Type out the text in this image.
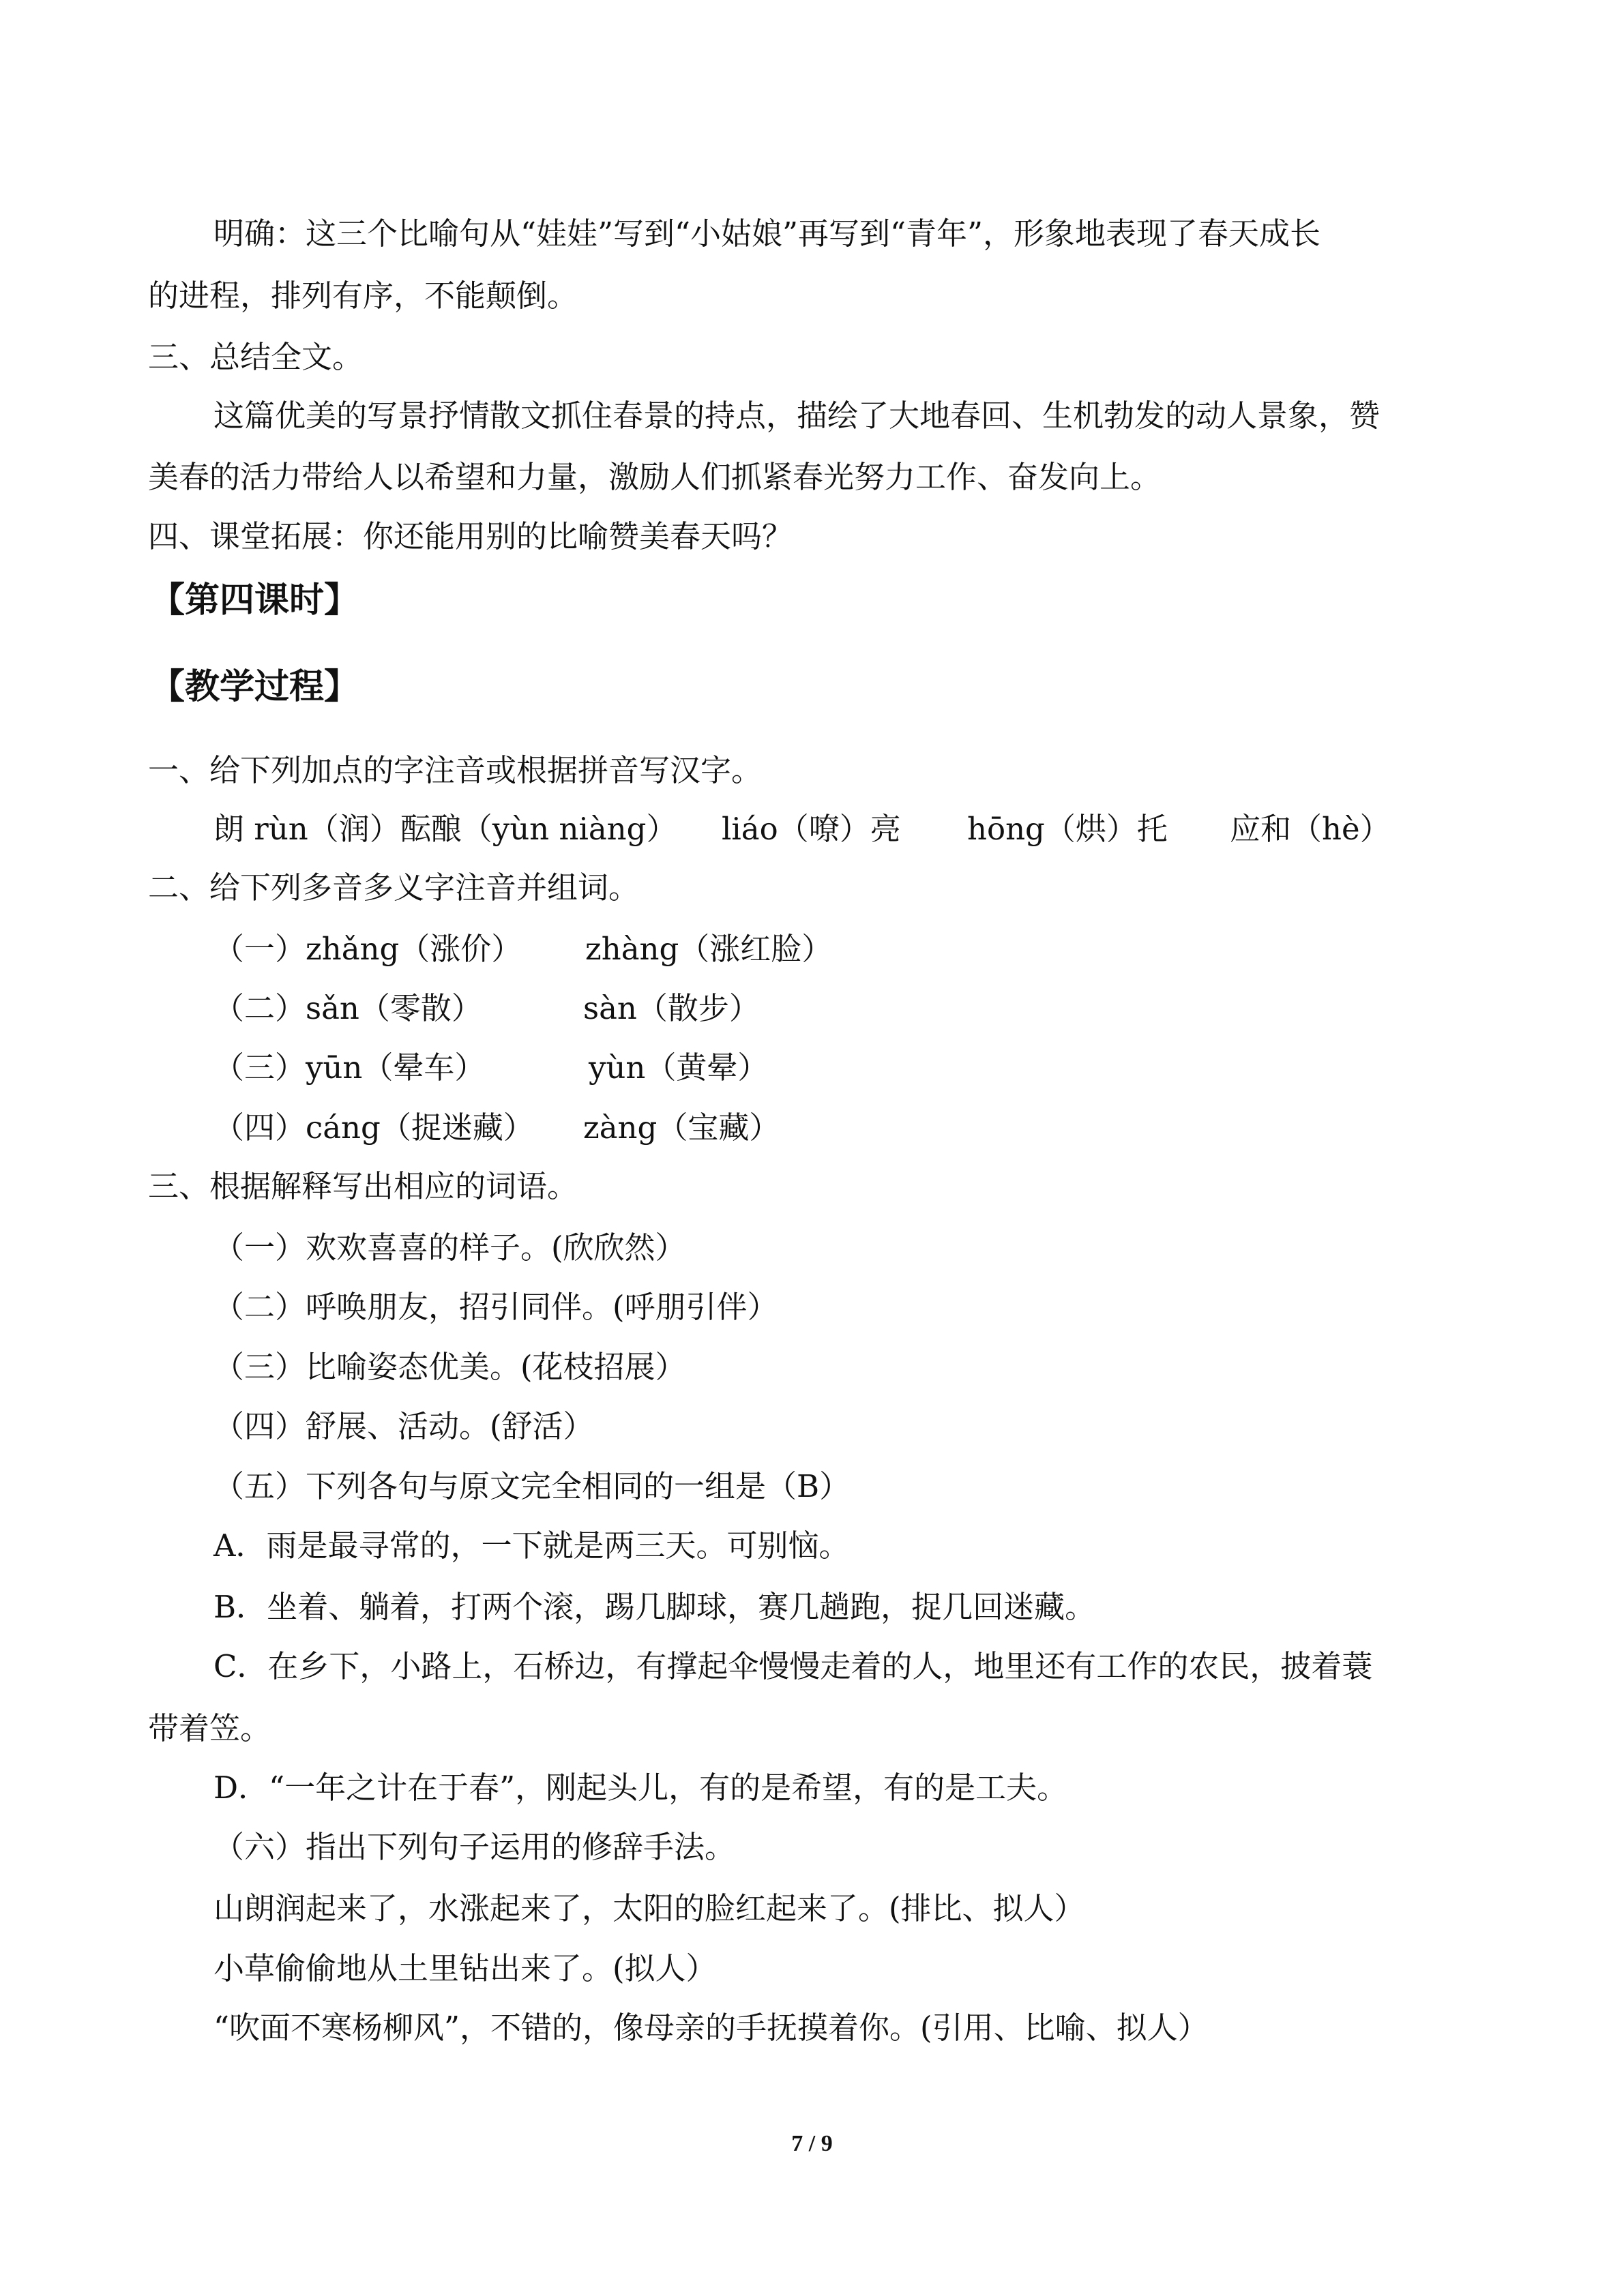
明确：这三个比喻句从“娃娃”写到“小姑娘”再写到“青年”，形象地表现了春天成长
的进程，排列有序，不能颠倒。
三、总结全文。
这篇优美的写景抒情散文抓住春景的持点，描绘了大地春回、生机勃发的动人景象，赞
美春的活力带给人以希望和力量，激励人们抓紧春光努力工作、奋发向上。
四、课堂拓展：你还能用别的比喻赞美春天吗？
【第四课时】
【教学过程】
一、给下列加点的字注音或根据拼音写汉字。
朗 rùn（润）酝酿（yùn niàng） liáo（嘹）亮 hōng（烘）托 应和（hè）
二、给下列多音多义字注音并组词。
（一）zhǎng（涨价） zhàng（涨红脸）
（二）sǎn（零散）	sàn（散步）
（三）yūn（晕车）	yùn（黄晕）
（四）cáng（捉迷藏） zàng（宝藏）
三、根据解释写出相应的词语。
（一）欢欢喜喜的样子。(欣欣然）
（二）呼唤朋友，招引同伴。(呼朋引伴）
（三）比喻姿态优美。(花枝招展）
（四）舒展、活动。(舒活）
（五）下列各句与原文完全相同的一组是（B）
A．雨是最寻常的，一下就是两三天。可别恼。
B．坐着、躺着，打两个滚，踢几脚球，赛几趟跑，捉几回迷藏。
C．在乡下，小路上，石桥边，有撑起伞慢慢走着的人，地里还有工作的农民，披着蓑
带着笠。
D．“一年之计在于春”，刚起头儿，有的是希望，有的是工夫。
（六）指出下列句子运用的修辞手法。
山朗润起来了，水涨起来了，太阳的脸红起来了。(排比、拟人）
小草偷偷地从土里钻出来了。(拟人）
“吹面不寒杨柳风”，不错的，像母亲的手抚摸着你。(引用、比喻、拟人）
7 / 9
